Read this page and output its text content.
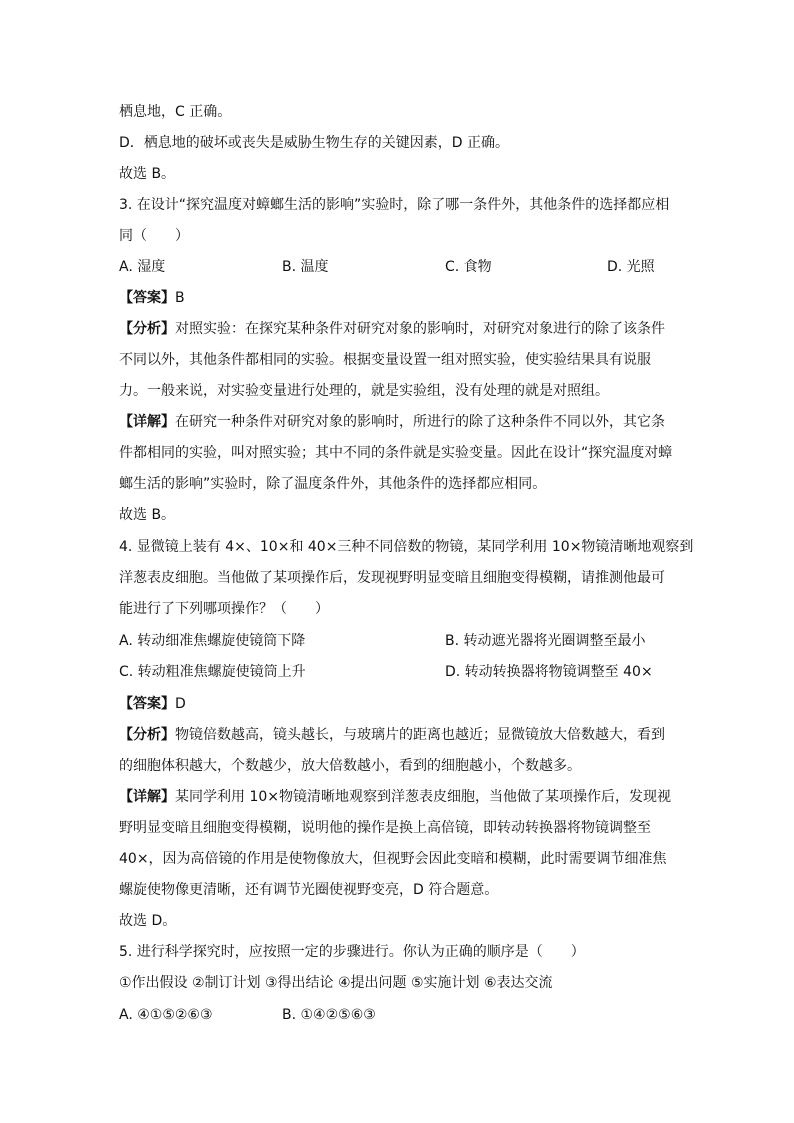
栖息地，C 正确。
D．栖息地的破坏或丧失是威胁生物生存的关键因素，D 正确。
故选 B。
3. 在设计“探究温度对蟑螂生活的影响”实验时，除了哪一条件外，其他条件的选择都应相
同（　　）
A. 湿度	B. 温度	C. 食物	D. 光照
【答案】B
【分析】对照实验：在探究某种条件对研究对象的影响时，对研究对象进行的除了该条件
不同以外，其他条件都相同的实验。根据变量设置一组对照实验，使实验结果具有说服
力。一般来说，对实验变量进行处理的，就是实验组，没有处理的就是对照组。
【详解】在研究一种条件对研究对象的影响时，所进行的除了这种条件不同以外，其它条
件都相同的实验，叫对照实验；其中不同的条件就是实验变量。因此在设计“探究温度对蟑
螂生活的影响”实验时，除了温度条件外，其他条件的选择都应相同。
故选 B。
4. 显微镜上装有 4×、10×和 40×三种不同倍数的物镜，某同学利用 10×物镜清晰地观察到
洋葱表皮细胞。当他做了某项操作后，发现视野明显变暗且细胞变得模糊，请推测他最可
能进行了下列哪项操作？（　　）
A. 转动细准焦螺旋使镜筒下降	B. 转动遮光器将光圈调整至最小
C. 转动粗准焦螺旋使镜筒上升	D. 转动转换器将物镜调整至 40×
【答案】D
【分析】物镜倍数越高，镜头越长，与玻璃片的距离也越近；显微镜放大倍数越大，看到
的细胞体积越大，个数越少，放大倍数越小，看到的细胞越小，个数越多。
【详解】某同学利用 10×物镜清晰地观察到洋葱表皮细胞，当他做了某项操作后，发现视
野明显变暗且细胞变得模糊，说明他的操作是换上高倍镜，即转动转换器将物镜调整至
40×，因为高倍镜的作用是使物像放大，但视野会因此变暗和模糊，此时需要调节细准焦
螺旋使物像更清晰，还有调节光圈使视野变亮，D 符合题意。
故选 D。
5. 进行科学探究时，应按照一定的步骤进行。你认为正确的顺序是（　　）
①作出假设 ②制订计划 ③得出结论 ④提出问题 ⑤实施计划 ⑥表达交流
A. ④①⑤②⑥③	B. ①④②⑤⑥③
